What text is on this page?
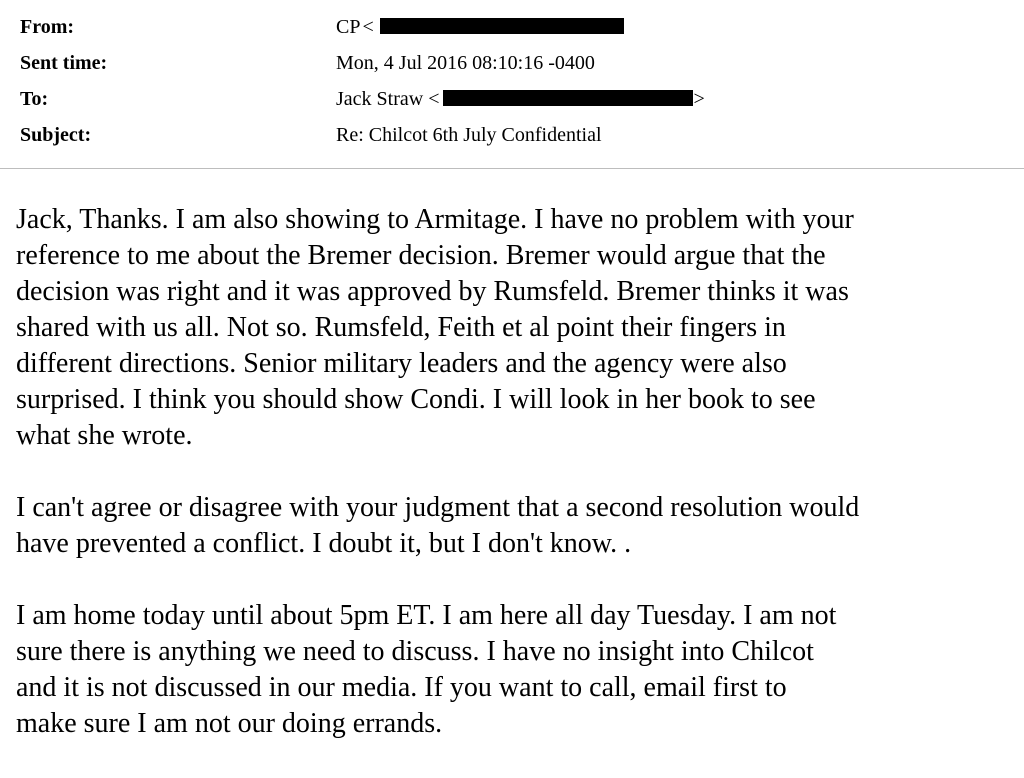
From:	CP <
Sent time:	Mon, 4 Jul 2016 08:10:16 -0400
To:	Jack Straw <	>
Subject:	Re: Chilcot 6th July Confidential

Jack, Thanks. I am also showing to Armitage. I have no problem with your
reference to me about the Bremer decision. Bremer would argue that the
decision was right and it was approved by Rumsfeld. Bremer thinks it was
shared with us all. Not so. Rumsfeld, Feith et al point their fingers in
different directions. Senior military leaders and the agency were also
surprised. I think you should show Condi. I will look in her book to see
what she wrote.

I can't agree or disagree with your judgment that a second resolution would
have prevented a conflict. I doubt it, but I don't know. .

I am home today until about 5pm ET. I am here all day Tuesday. I am not
sure there is anything we need to discuss. I have no insight into Chilcot
and it is not discussed in our media. If you want to call, email first to
make sure I am not our doing errands.
